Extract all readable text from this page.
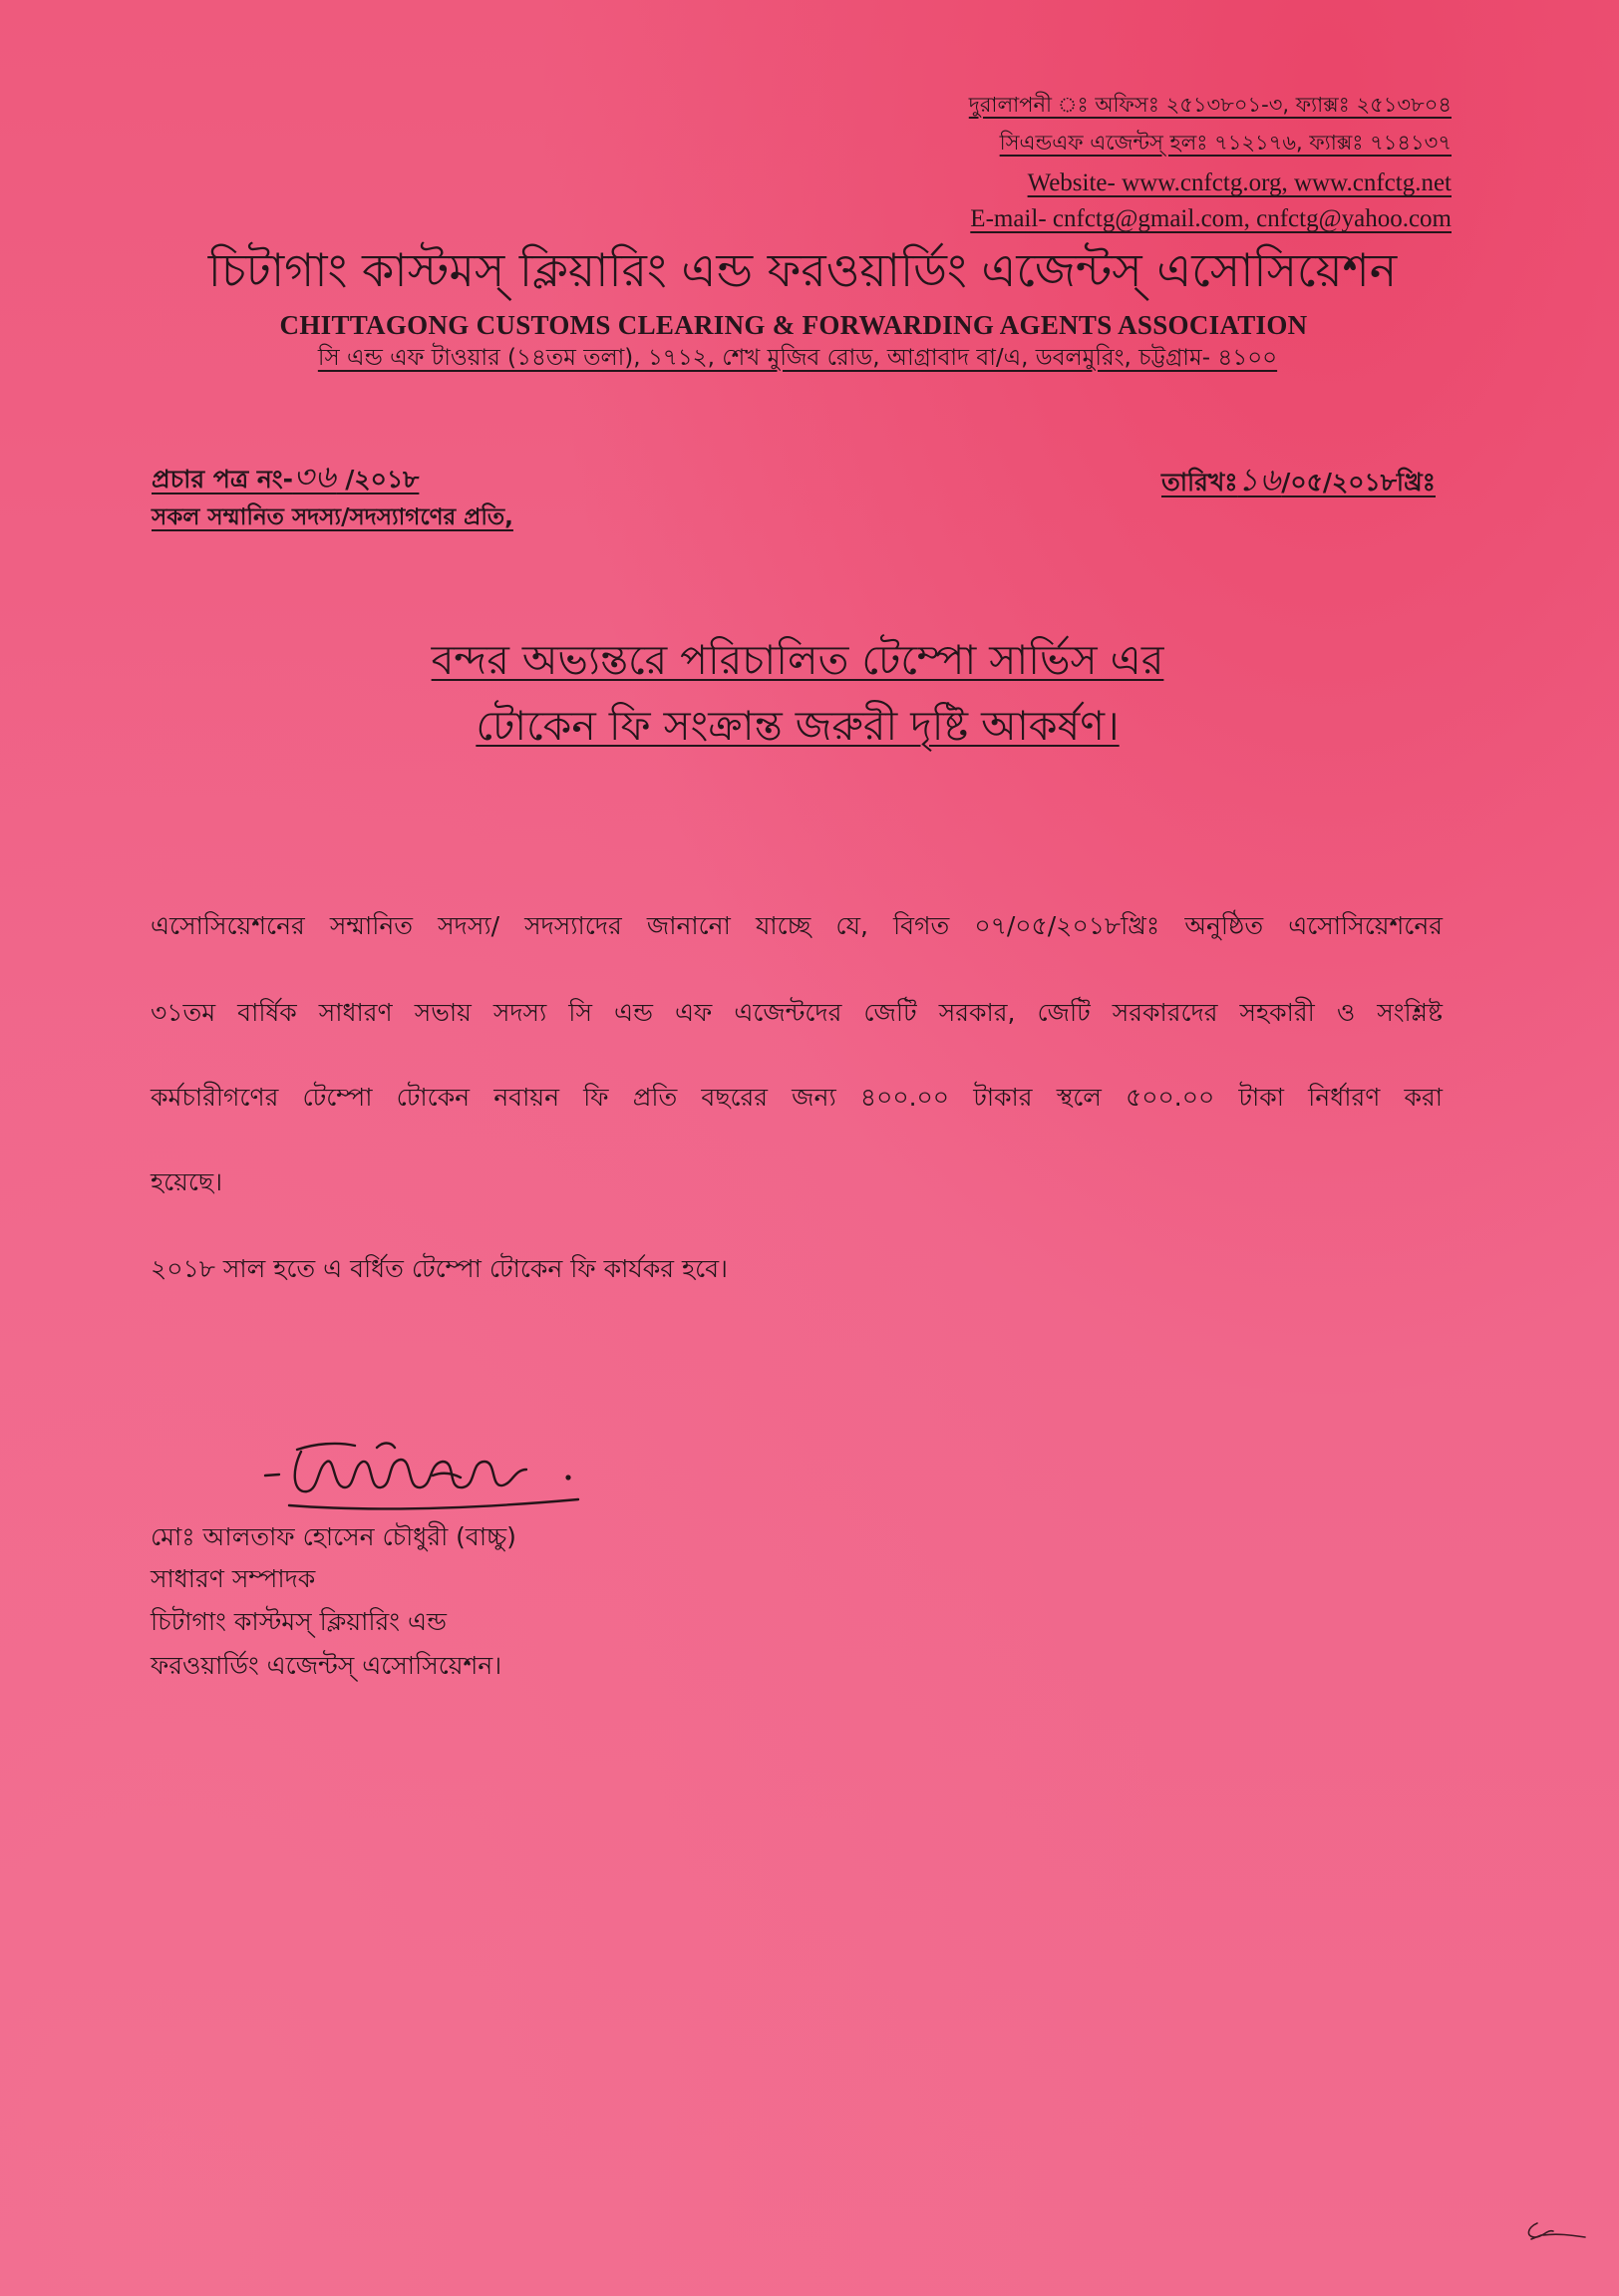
দুরালাপনী ঃ অফিসঃ ২৫১৩৮০১-৩, ফ্যাক্সঃ ২৫১৩৮০৪
সিএন্ডএফ এজেন্টস্ হলঃ ৭১২১৭৬, ফ্যাক্সঃ ৭১৪১৩৭
Website- www.cnfctg.org, www.cnfctg.net
E-mail- cnfctg@gmail.com, cnfctg@yahoo.com
চিটাগাং কাস্টমস্ ক্লিয়ারিং এন্ড ফরওয়ার্ডিং এজেন্টস্ এসোসিয়েশন
CHITTAGONG CUSTOMS CLEARING & FORWARDING AGENTS ASSOCIATION
সি এন্ড এফ টাওয়ার (১৪তম তলা), ১৭১২, শেখ মুজিব রোড, আগ্রাবাদ বা/এ, ডবলমুরিং, চট্টগ্রাম- ৪১০০
প্রচার পত্র নং-৩৬ /২০১৮	তারিখঃ১৬/০৫/২০১৮খ্রিঃ
সকল সম্মানিত সদস্য/সদস্যাগণের প্রতি,
বন্দর অভ্যন্তরে পরিচালিত টেম্পো সার্ভিস এর
টোকেন ফি সংক্রান্ত জরুরী দৃষ্টি আকর্ষণ।
এসোসিয়েশনের সম্মানিত সদস্য/ সদস্যাদের জানানো যাচ্ছে যে, বিগত ০৭/০৫/২০১৮খ্রিঃ অনুষ্ঠিত এসোসিয়েশনের
৩১তম বার্ষিক সাধারণ সভায় সদস্য সি এন্ড এফ এজেন্টদের জেটি সরকার, জেটি সরকারদের সহকারী ও সংশ্লিষ্ট
কর্মচারীগণের টেম্পো টোকেন নবায়ন ফি প্রতি বছরের জন্য ৪০০.০০ টাকার স্থলে ৫০০.০০ টাকা নির্ধারণ করা
হয়েছে।
২০১৮ সাল হতে এ বর্ধিত টেম্পো টোকেন ফি কার্যকর হবে।
মোঃ আলতাফ হোসেন চৌধুরী (বাচ্চু)
সাধারণ সম্পাদক
চিটাগাং কাস্টমস্ ক্লিয়ারিং এন্ড
ফরওয়ার্ডিং এজেন্টস্ এসোসিয়েশন।
